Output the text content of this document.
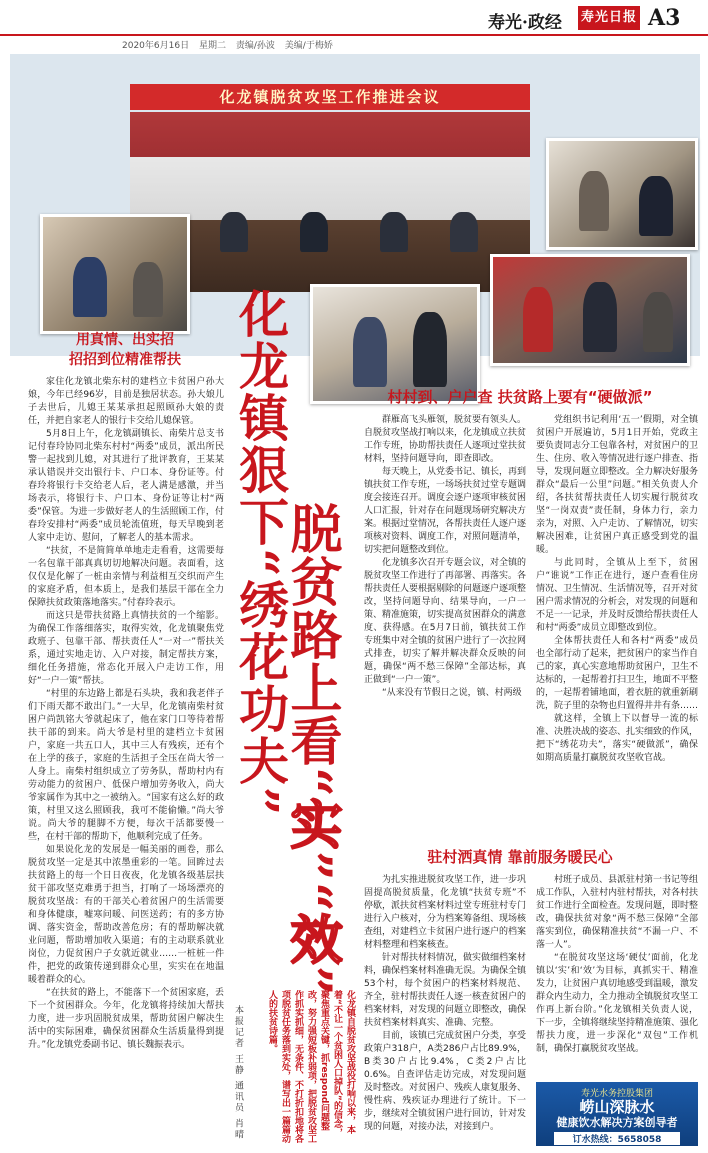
寿光·政经 寿光日报 A3
2020年6月16日 星期二 责编/孙波 美编/于梅娇
化龙镇脱贫攻坚工作推进会议
化龙镇狠下“绣花功夫”
脱贫路上看“实”“效”
用真情、出实招
招招到位精准帮扶
村村到、户户查 扶贫路上要有“硬做派”
驻村洒真情 靠前服务暖民心

家住化龙镇北柴东村的建档立卡贫困户孙大娘，今年已经96岁，目前是独居状态。孙大娘儿子去世后，儿媳王某某承担起照顾孙大娘的责任，并把自家老人的银行卡交给儿媳保管。

5月8日上午，化龙镇副镇长、南柴片总支书记付春玲协同北柴东村村“两委”成员，派出所民警一起找到儿媳，对其进行了批评教育，王某某承认错误并交出银行卡、户口本、身份证等。付春玲将银行卡交给老人后，老人满是感激，并当场表示，将银行卡、户口本、身份证等让村“两委”保管。为进一步做好老人的生活照顾工作，付春玲安排村“两委”成员轮流值班，每天早晚到老人家中走访、慰问，了解老人的基本需求。

“扶贫，不是简简单单地走走看看，这需要每一名包靠干部真真切切地解决问题。表面看，这仅仅是化解了一桩由亲情与利益相互交织而产生的家庭矛盾，但本质上，是我们基层干部在全力保障扶贫政策落地落实。”付春玲表示。

而这只是带扶贫路上真情扶贫的一个缩影。为确保工作落细落实，取得实效，化龙镇聚焦党政班子、包靠干部、帮扶责任人“一对一”帮扶关系，通过实地走访、入户对接，制定帮扶方案，细化任务措施，常态化开展入户走访工作，用好“一户一策”帮扶。

“村里的东边路上都是石头块，我和我老伴子们下雨天都不敢出门。”一大早，化龙镇南柴村贫困户尚凯铭大爷就起床了，他在家门口等待着帮扶干部的到来。尚大爷是村里的建档立卡贫困户，家庭一共五口人，其中三人有残疾，还有个在上学的孩子，家庭的生活担子全压在尚大爷一人身上。南柴村组织成立了劳务队，帮助村内有劳动能力的贫困户、低保户增加劳务收入，尚大爷家属作为其中之一被纳入。“国家有这么好的政策，村里又这么照顾我，我可不能偷懒。”尚大爷说。尚大爷的腿脚不方便，每次干活都要慢一些，在村干部的帮助下，他顺利完成了任务。

如果说化龙的发展是一幅美丽的画卷，那么脱贫攻坚一定是其中浓墨重彩的一笔。回眸过去扶贫路上的每一个日日夜夜，化龙镇各级基层扶贫干部攻坚克难勇于担当，打响了一场场漂亮的脱贫攻坚战：有的干部关心着贫困户的生活需要和身体健康，嘘寒问暖、问医送药；有的多方协调、落实资金，帮助改善危房；有的帮助解决就业问题，帮助增加收入渠道；有的主动联系就业岗位，力促贫困户子女就近就业……一桩桩一件件，把党的政策传递到群众心里，实实在在地温暖着群众的心。

“在扶贫的路上，不能落下一个贫困家庭，丢下一个贫困群众。今年，化龙镇将持续加大帮扶力度，进一步巩固脱贫成果，帮助贫困户解决生活中的实际困难，确保贫困群众生活质量得到提升。”化龙镇党委副书记、镇长魏振表示。

群雁高飞头雁领，脱贫要有领头人。自脱贫攻坚战打响以来，化龙镇成立扶贫工作专班，协助帮扶责任人逐项过堂扶贫材料，坚持问题导向，即查即改。

每天晚上，从党委书记、镇长，再到镇扶贫工作专班，一场场扶贫过堂专题调度会接连召开。调度会逐户逐项审核贫困人口汇报，针对存在问题现场研究解决方案。根据过堂情况，各帮扶责任人逐户逐项核对资料、调度工作，对照问题清单，切实把问题整改到位。

化龙镇多次召开专题会议，对全镇的脱贫攻坚工作进行了再部署、再落实。各帮扶责任人要根据剔除的问题逐户逐项整改，坚持问题导向、结果导向，一户一策、精准施策，切实提高贫困群众的满意度、获得感。在5月7日前，镇扶贫工作专班集中对全镇的贫困户进行了一次拉网式排查，切实了解并解决群众反映的问题，确保“两不愁三保障”全部达标，真正做到“一户一策”。

“从来没有节假日之说，镇、村两级

党组织书记利用‘五一’假期，对全镇贫困户开展遍访，5月1日开始，党政主要负责同志分工包靠各村，对贫困户的卫生、住房、收入等情况进行逐户排查、指导，发现问题立即整改。全力解决好服务群众“最后一公里”问题。”相关负责人介绍，各扶贫帮扶责任人切实履行脱贫攻坚“一岗双责”责任制，身体力行，亲力亲为，对照、入户走访、了解情况，切实解决困难，让贫困户真正感受到党的温暖。

与此同时，全镇从上至下，贫困户“谁说”工作正在进行，逐户查看住房情况、卫生情况、生活情况等，召开对贫困户需求情况的分析会，对发现的问题和不足一一记录，并及时反馈给帮扶责任人和村“两委”成员立即整改到位。

全体帮扶责任人和各村“两委”成员也全部行动了起来，把贫困户的家当作自己的家，真心实意地帮助贫困户，卫生不达标的，一起帮着打扫卫生，地面不平整的，一起帮着铺地面，着衣脏的就重新刷洗，院子里的杂物也归置得井井有条……

就这样，全镇上下以督导一流的标准、决胜决战的姿态、扎实细致的作风，把下“绣花功夫”，落实“硬做派”，确保如期高质量打赢脱贫攻坚收官战。

为扎实推进脱贫攻坚工作，进一步巩固提高脱贫质量，化龙镇“扶贫专班”不停歇，派扶贫档案材料过堂专班驻村专门进行入户核对，分为档案筹备组、现场核查组，对建档立卡贫困户进行逐户的档案材料整理和档案核查。

针对帮扶材料情况，做实做细档案材料，确保档案材料准确无误。为确保全镇53个村，每个贫困户的档案材料规范、齐全，驻村帮扶责任人逐一核查贫困户的档案材料，对发现的问题立即整改，确保扶贫档案材料真实、准确、完整。

目前，该镇已完成贫困户分类，享受政策户318户，A类286户占比89.9%，B类30户占比9.4%，C类2户占比0.6%。自查评估走访完成，对发现问题及时整改。对贫困户、残疾人康复服务、慢性病、残疾证办理进行了统计。下一步，继续对全镇贫困户进行回访，针对发现的问题，对接办法，对接到户。

村班子成员、县派驻村第一书记等组成工作队，入驻村内驻村帮扶，对各村扶贫工作进行全面检查。发现问题，即时整改，确保扶贫对象“两不愁三保障”全部落实到位，确保精准扶贫“不漏一户、不落一人”。

“在脱贫攻坚这场‘硬仗’面前，化龙镇以‘实’和‘效’为目标，真抓实干、精准发力，让贫困户真切地感受到温暖，激发群众内生动力，全力推动全镇脱贫攻坚工作再上新台阶。”化龙镇相关负责人说，下一步，全镇将继续坚持精准施策、强化帮扶力度，进一步深化“双包”工作机制，确保打赢脱贫攻坚战。

本报记者 王静 通讯员 肖晴	化龙镇自脱贫攻坚战役打响以来，本着“不让一个贫困人口掉队”的信念，聚焦重点关键，抓respond问题整改，努力强短板补弱项，把脱贫攻坚工作抓实抓细，无条件、不打折扣地将各项脱贫任务落到实处，谱写出一篇篇动人的扶贫诗篇。
寿光水务控股集团
崂山深脉水
健康饮水解决方案创导者
订水热线：5658058
